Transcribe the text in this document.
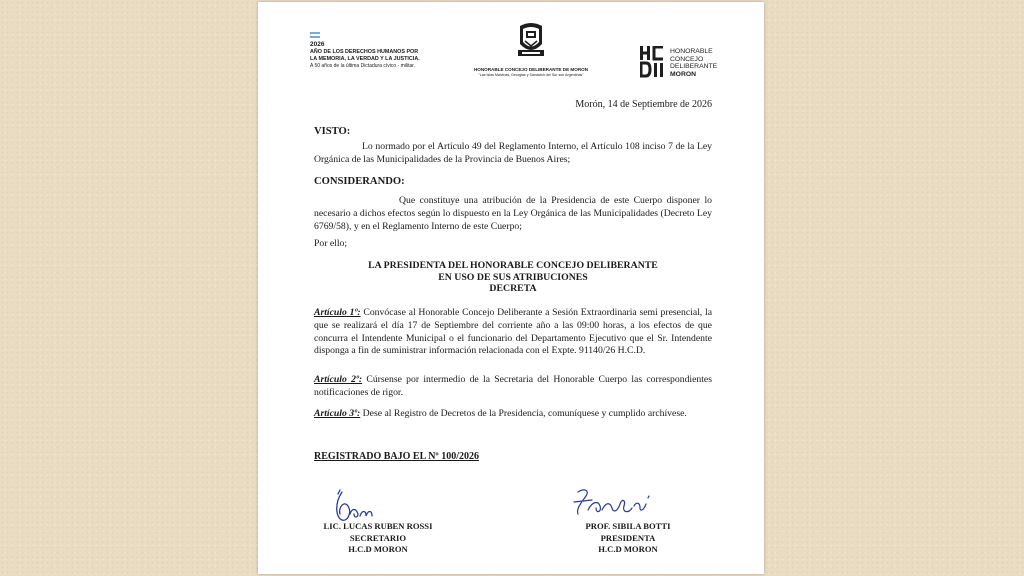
2026
AÑO DE LOS DERECHOS HUMANOS POR
LA MEMORIA, LA VERDAD Y LA JUSTICIA.
A 50 años de la última Dictadura cívico - militar.
HONORABLE CONCEJO DELIBERANTE DE MORON
"Las Islas Malvinas, Georgias y Sandwich del Sur son Argentinas"
HONORABLE
CONCEJO
DELIBERANTE
MORON
Morón, 14 de Septiembre de 2026
VISTO:
Lo normado por el Artículo 49 del Reglamento Interno, el Artículo 108 inciso 7 de la Ley Orgánica de las Municipalidades de la Provincia de Buenos Aires;
CONSIDERANDO:
Que constituye una atribución de la Presidencia de este Cuerpo disponer lo necesario a dichos efectos según lo dispuesto en la Ley Orgánica de las Municipalidades (Decreto Ley 6769/58), y en el Reglamento Interno de este Cuerpo;
Por ello;
LA PRESIDENTA DEL HONORABLE CONCEJO DELIBERANTE
EN USO DE SUS ATRIBUCIONES
DECRETA
Artículo 1º: Convócase al Honorable Concejo Deliberante a Sesión Extraordinaria semi presencial, la que se realizará el día 17 de Septiembre del corriente año a las 09:00 horas, a los efectos de que concurra el Intendente Municipal o el funcionario del Departamento Ejecutivo que el Sr. Intendente disponga a fin de suministrar información relacionada con el Expte. 91140/26 H.C.D.
Artículo 2º: Cúrsense por intermedio de la Secretaria del Honorable Cuerpo las correspondientes notificaciones de rigor.
Artículo 3º: Dese al Registro de Decretos de la Presidencia, comuníquese y cumplido archívese.
REGISTRADO BAJO EL Nº 100/2026
LIC. LUCAS RUBEN ROSSI
SECRETARIO
H.C.D MORON
PROF. SIBILA BOTTI
PRESIDENTA
H.C.D MORON
